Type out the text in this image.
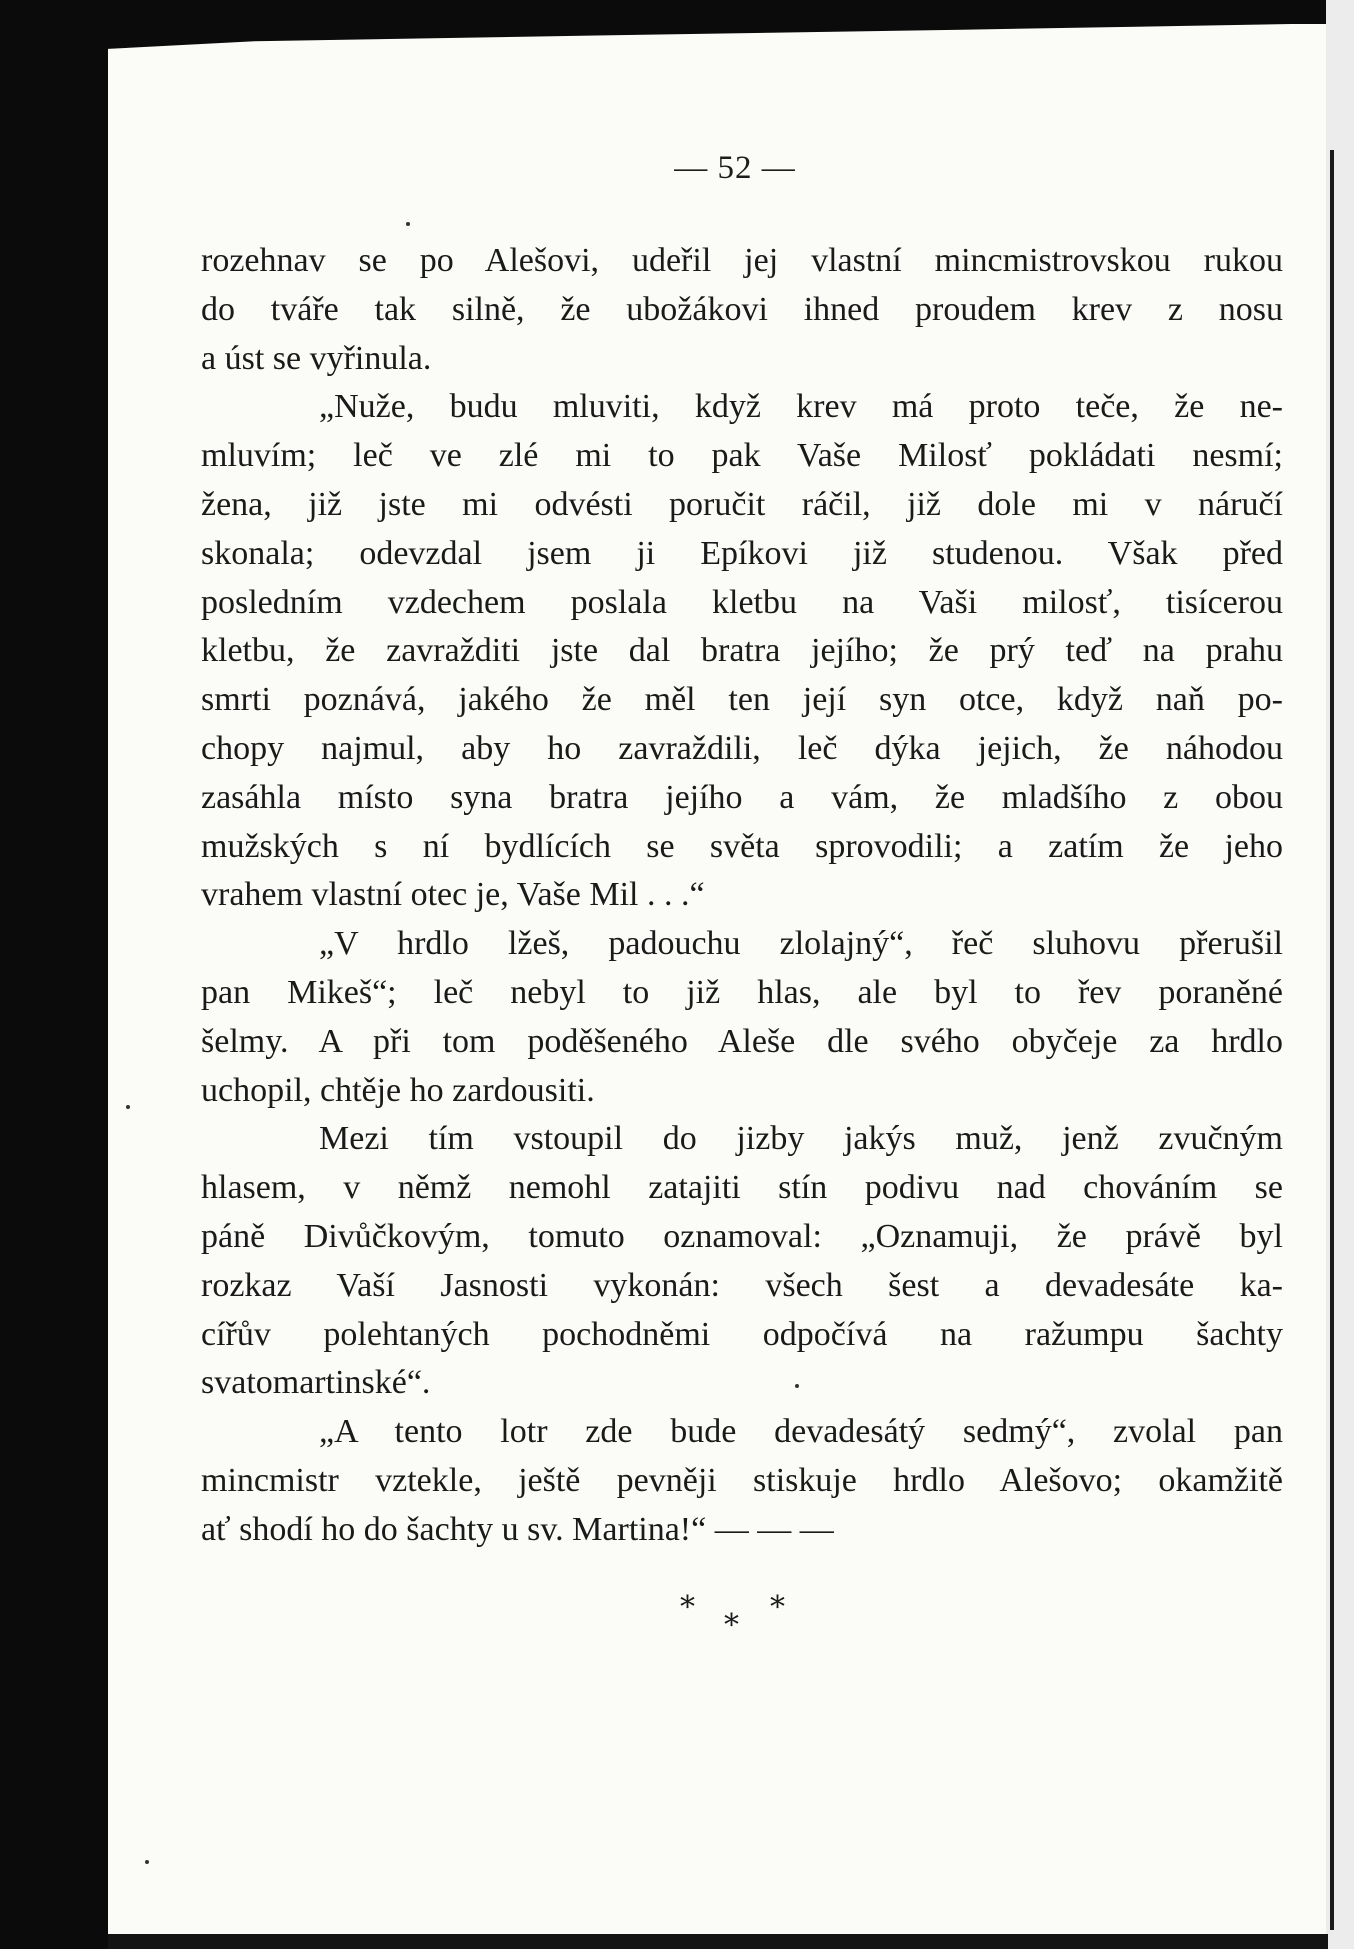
— 52 —

rozehnav se po Alešovi, udeřil jej vlastní mincmistrovskou rukou
do tváře tak silně, že ubožákovi ihned proudem krev z nosu
a úst se vyřinula.

„Nuže, budu mluviti, když krev má proto teče, že ne-
mluvím; leč ve zlé mi to pak Vaše Milosť pokládati nesmí;
žena, již jste mi odvésti poručit ráčil, již dole mi v náručí
skonala; odevzdal jsem ji Epíkovi již studenou. Však před
posledním vzdechem poslala kletbu na Vaši milosť, tisícerou
kletbu, že zavražditi jste dal bratra jejího; že prý teď na prahu
smrti poznává, jakého že měl ten její syn otce, když naň po-
chopy najmul, aby ho zavraždili, leč dýka jejich, že náhodou
zasáhla místo syna bratra jejího a vám, že mladšího z obou
mužských s ní bydlících se světa sprovodili; a zatím že jeho
vrahem vlastní otec je, Vaše Mil . . .“

„V hrdlo lžeš, padouchu zlolajný“, řeč sluhovu přerušil
pan Mikeš“; leč nebyl to již hlas, ale byl to řev poraněné
šelmy. A při tom poděšeného Aleše dle svého obyčeje za hrdlo
uchopil, chtěje ho zardousiti.

Mezi tím vstoupil do jizby jakýs muž, jenž zvučným
hlasem, v němž nemohl zatajiti stín podivu nad chováním se
páně Divůčkovým, tomuto oznamoval: „Oznamuji, že právě byl
rozkaz Vaší Jasnosti vykonán: všech šest a devadesáte ka-
cířův polehtaných pochodněmi odpočívá na ražumpu šachty
svatomartinské“.

„A tento lotr zde bude devadesátý sedmý“, zvolal pan
mincmistr vztekle, ještě pevněji stiskuje hrdlo Alešovo; okamžitě
ať shodí ho do šachty u sv. Martina!“ — — —

*
*
*
